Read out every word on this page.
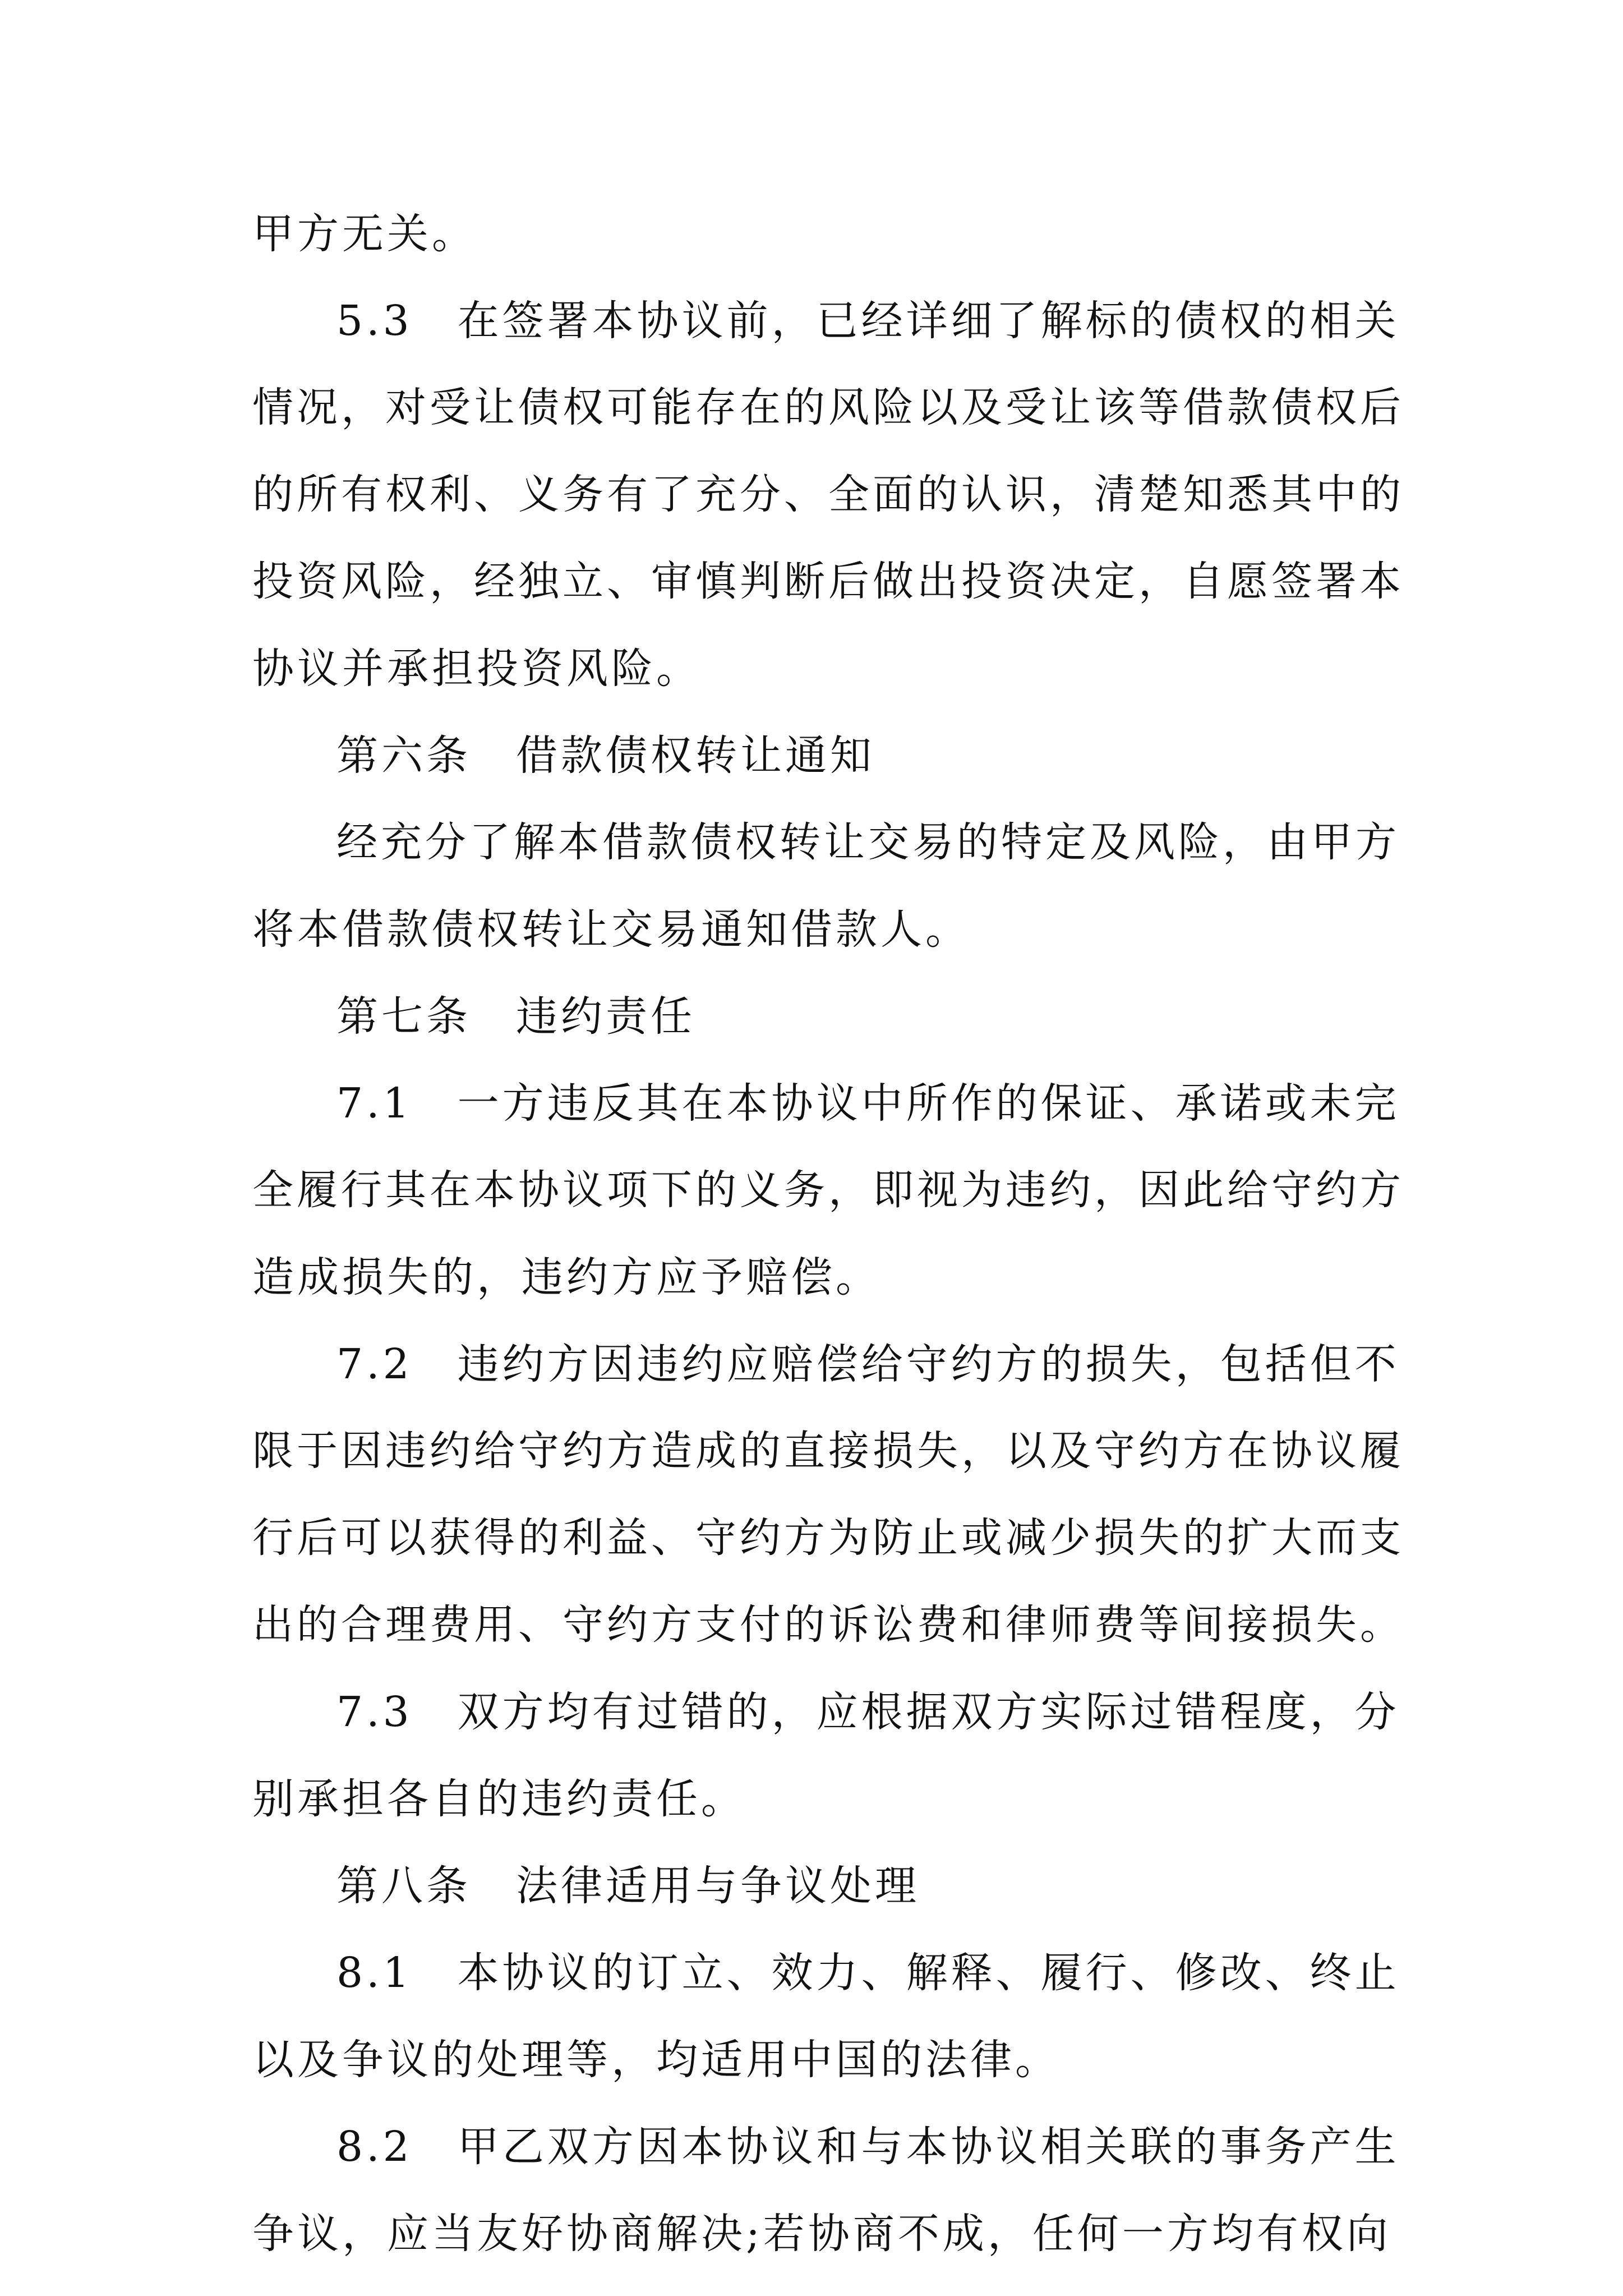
甲方无关。
5.3　在签署本协议前，已经详细了解标的债权的相关
情况，对受让债权可能存在的风险以及受让该等借款债权后
的所有权利、义务有了充分、全面的认识，清楚知悉其中的
投资风险，经独立、审慎判断后做出投资决定，自愿签署本
协议并承担投资风险。
第六条　借款债权转让通知
经充分了解本借款债权转让交易的特定及风险，由甲方
将本借款债权转让交易通知借款人。
第七条　违约责任
7.1　一方违反其在本协议中所作的保证、承诺或未完
全履行其在本协议项下的义务，即视为违约，因此给守约方
造成损失的，违约方应予赔偿。
7.2　违约方因违约应赔偿给守约方的损失，包括但不
限于因违约给守约方造成的直接损失，以及守约方在协议履
行后可以获得的利益、守约方为防止或减少损失的扩大而支
出的合理费用、守约方支付的诉讼费和律师费等间接损失。
7.3　双方均有过错的，应根据双方实际过错程度，分
别承担各自的违约责任。
第八条　法律适用与争议处理
8.1　本协议的订立、效力、解释、履行、修改、终止
以及争议的处理等，均适用中国的法律。
8.2　甲乙双方因本协议和与本协议相关联的事务产生
争议，应当友好协商解决;若协商不成，任何一方均有权向
